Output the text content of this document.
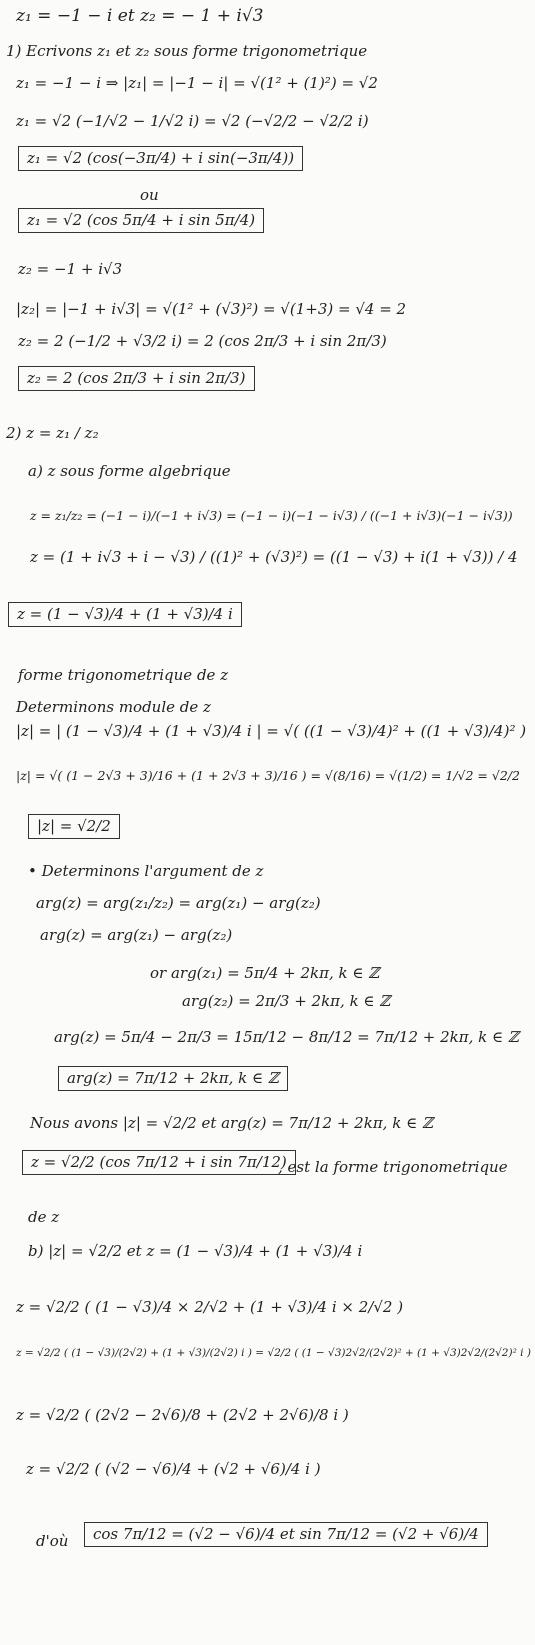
z₁ = −1 − i et z₂ = − 1 + i√3
1) Ecrivons z₁ et z₂ sous forme trigonometrique
z₁ = −1 − i ⇒ |z₁| = |−1 − i| = √(1² + (1)²) = √2
z₁ = √2 (−1/√2 − 1/√2 i) = √2 (−√2/2 − √2/2 i)
z₁ = √2 (cos(−3π/4) + i sin(−3π/4))
ou
z₁ = √2 (cos 5π/4 + i sin 5π/4)
z₂ = −1 + i√3
|z₂| = |−1 + i√3| = √(1² + (√3)²) = √(1+3) = √4 = 2
z₂ = 2 (−1/2 + √3/2 i) = 2 (cos 2π/3 + i sin 2π/3)
z₂ = 2 (cos 2π/3 + i sin 2π/3)
2) z = z₁ / z₂
a) z sous forme algebrique
z = z₁/z₂ = (−1 − i)/(−1 + i√3) = (−1 − i)(−1 − i√3) / ((−1 + i√3)(−1 − i√3))
z = (1 + i√3 + i − √3) / ((1)² + (√3)²) = ((1 − √3) + i(1 + √3)) / 4
z = (1 − √3)/4 + (1 + √3)/4 i
forme trigonometrique de z
Determinons module de z
|z| = | (1 − √3)/4 + (1 + √3)/4 i | = √( ((1 − √3)/4)² + ((1 + √3)/4)² )
|z| = √( (1 − 2√3 + 3)/16 + (1 + 2√3 + 3)/16 ) = √(8/16) = √(1/2) = 1/√2 = √2/2
|z| = √2/2
• Determinons l'argument de z
arg(z) = arg(z₁/z₂) = arg(z₁) − arg(z₂)
arg(z) = arg(z₁) − arg(z₂)
or arg(z₁) = 5π/4 + 2kπ, k ∈ ℤ
arg(z₂) = 2π/3 + 2kπ, k ∈ ℤ
arg(z) = 5π/4 − 2π/3 = 15π/12 − 8π/12 = 7π/12 + 2kπ, k ∈ ℤ
arg(z) = 7π/12 + 2kπ, k ∈ ℤ
Nous avons |z| = √2/2 et arg(z) = 7π/12 + 2kπ, k ∈ ℤ
z = √2/2 (cos 7π/12 + i sin 7π/12)
, est la forme trigonometrique
de z
b) |z| = √2/2 et z = (1 − √3)/4 + (1 + √3)/4 i
z = √2/2 ( (1 − √3)/4 × 2/√2 + (1 + √3)/4 i × 2/√2 )
z = √2/2 ( (1 − √3)/(2√2) + (1 + √3)/(2√2) i ) = √2/2 ( (1 − √3)2√2/(2√2)² + (1 + √3)2√2/(2√2)² i )
z = √2/2 ( (2√2 − 2√6)/8 + (2√2 + 2√6)/8 i )
z = √2/2 ( (√2 − √6)/4 + (√2 + √6)/4 i )
d'où	cos 7π/12 = (√2 − √6)/4 et sin 7π/12 = (√2 + √6)/4
